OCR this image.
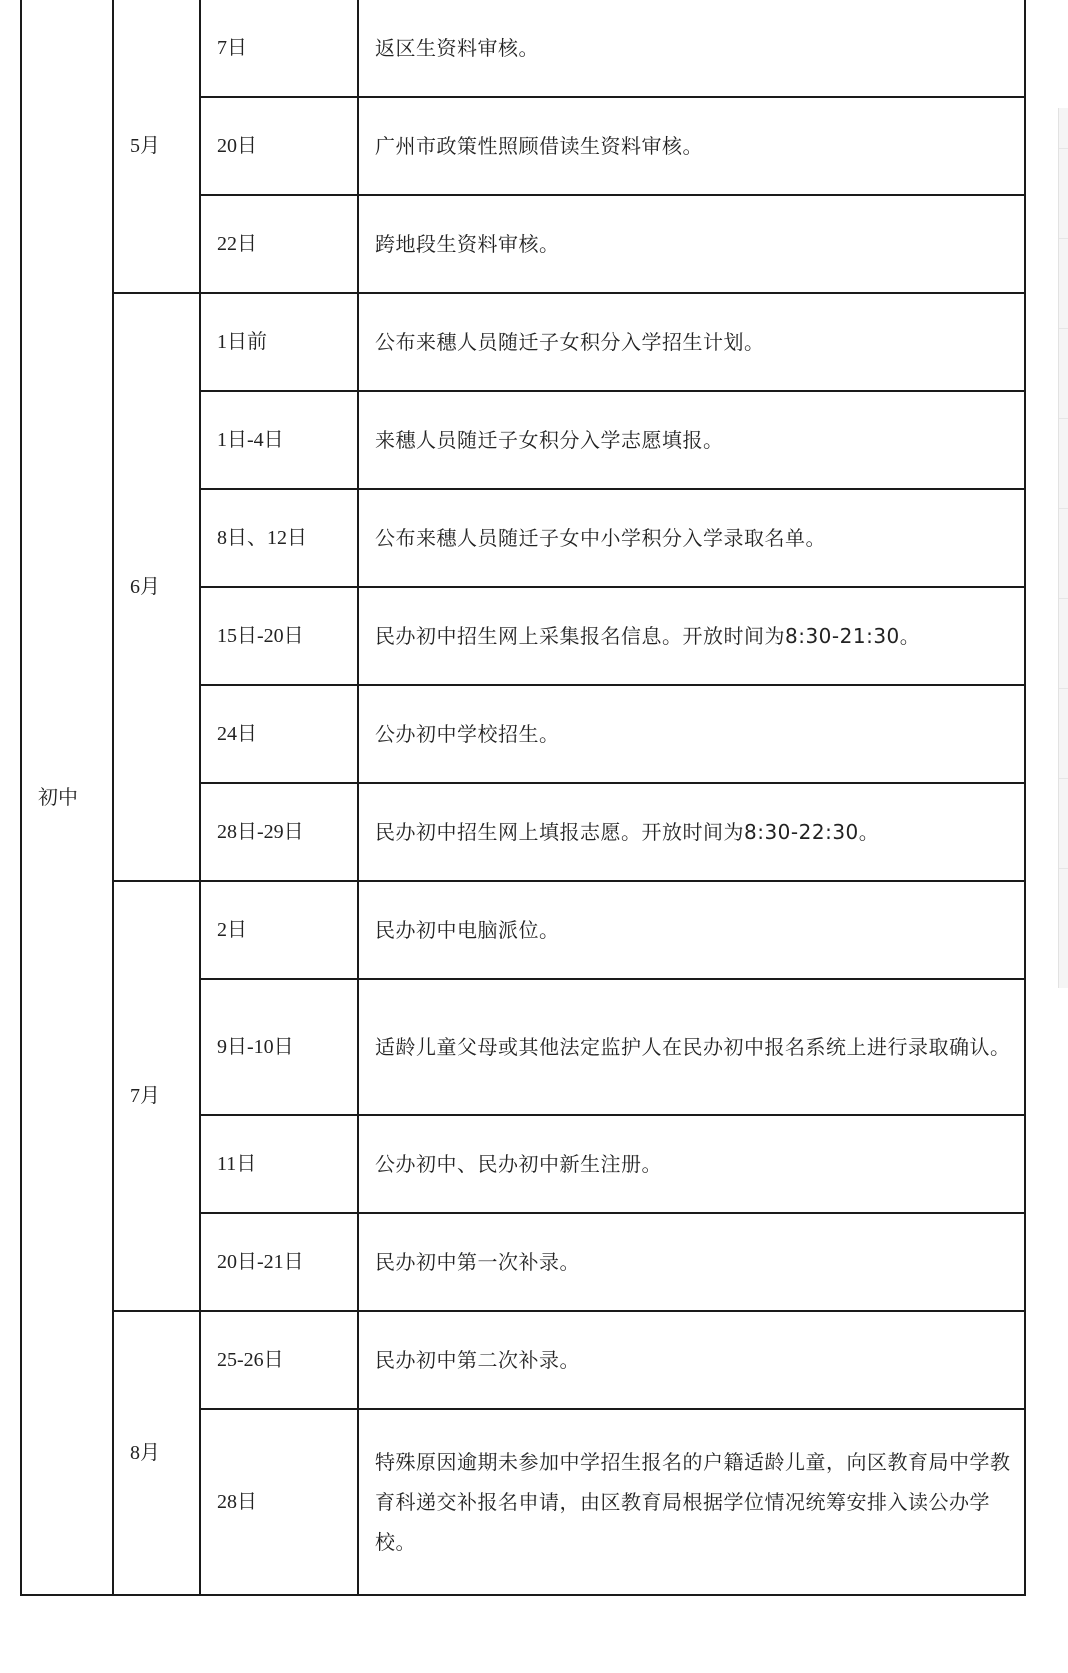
初中	5月	7日	返区生资料审核。
		20日	广州市政策性照顾借读生资料审核。
		22日	跨地段生资料审核。
	6月	1日前	公布来穗人员随迁子女积分入学招生计划。
		1日-4日	来穗人员随迁子女积分入学志愿填报。
		8日、12日	公布来穗人员随迁子女中小学积分入学录取名单。
		15日-20日	民办初中招生网上采集报名信息。开放时间为8:30-21:30。
		24日	公办初中学校招生。
		28日-29日	民办初中招生网上填报志愿。开放时间为8:30-22:30。
	7月	2日	民办初中电脑派位。
		9日-10日	适龄儿童父母或其他法定监护人在民办初中报名系统上进行录取确认。
		11日	公办初中、民办初中新生注册。
		20日-21日	民办初中第一次补录。
	8月	25-26日	民办初中第二次补录。
		28日	特殊原因逾期未参加中学招生报名的户籍适龄儿童，向区教育局中学教育科递交补报名申请，由区教育局根据学位情况统筹安排入读公办学校。
